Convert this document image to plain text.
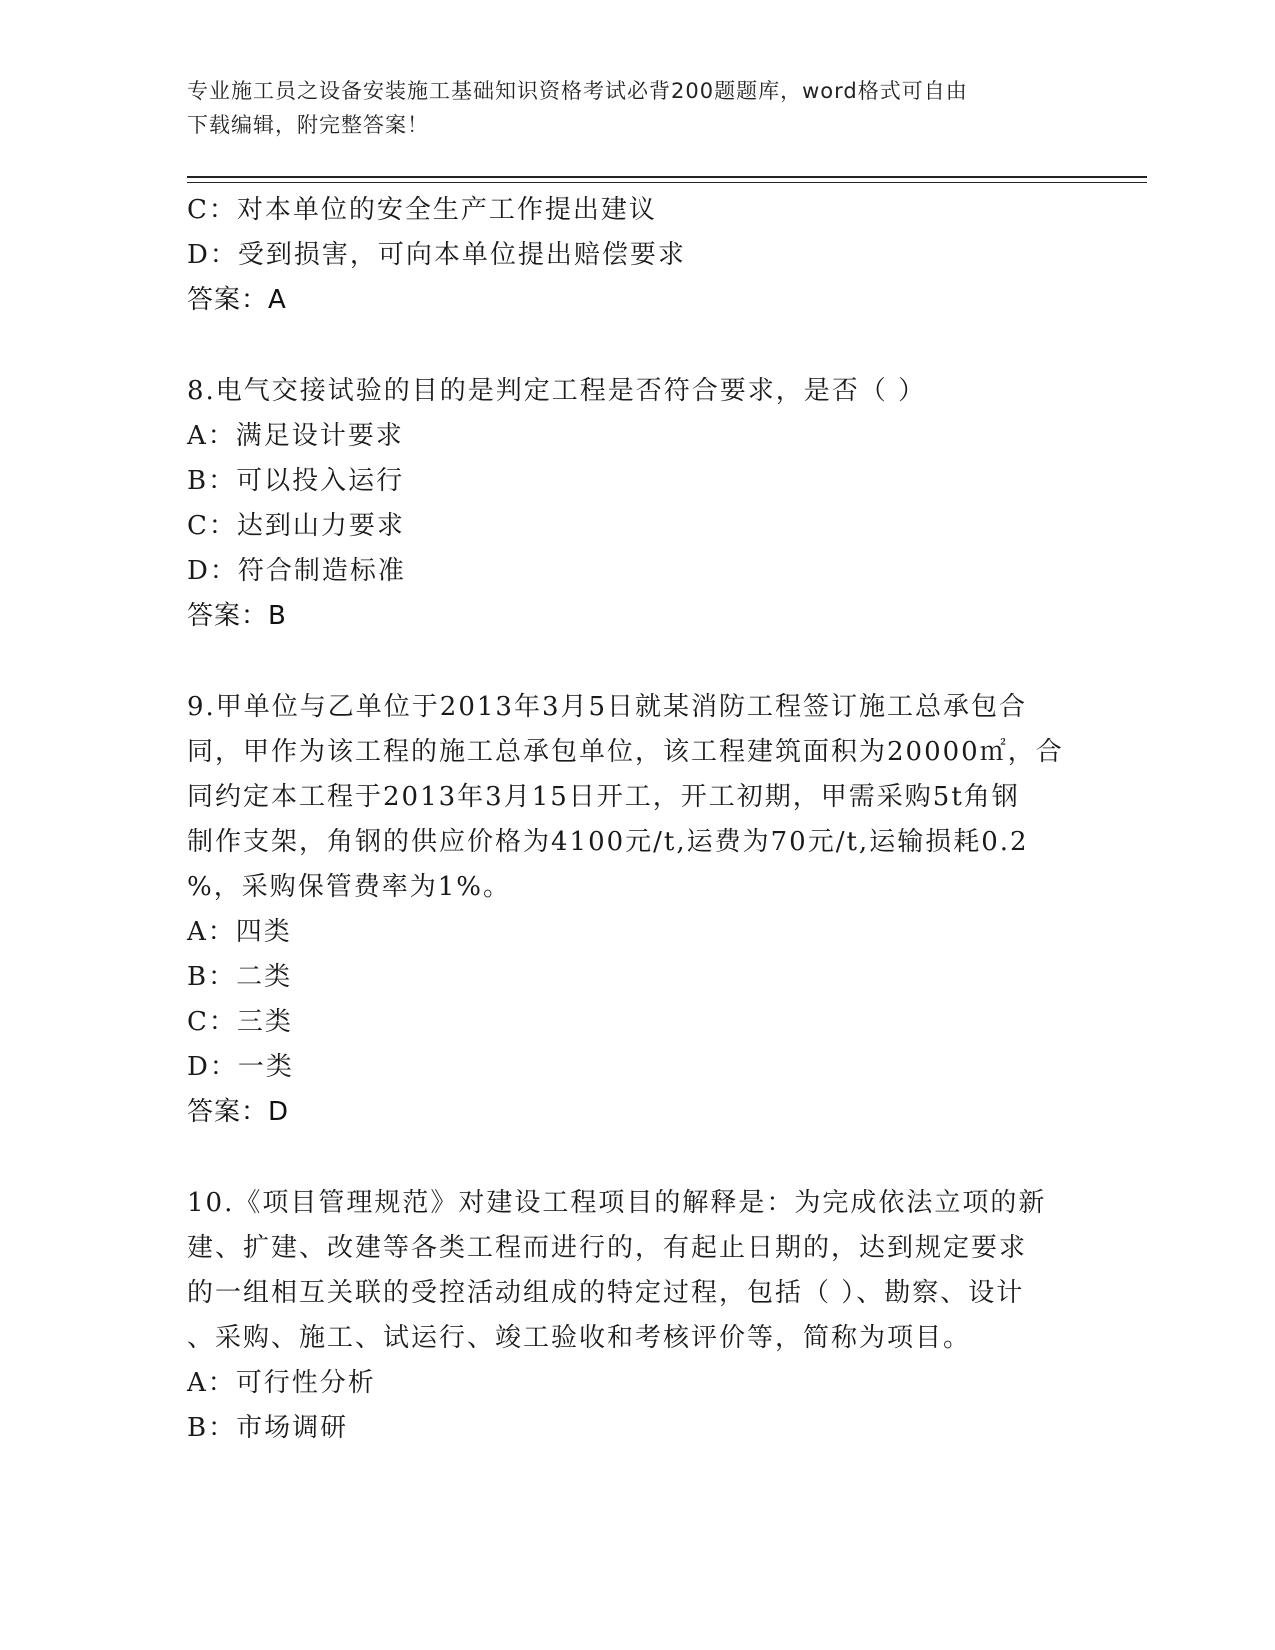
专业施工员之设备安装施工基础知识资格考试必背200题题库，word格式可自由
下载编辑，附完整答案！
C：对本单位的安全生产工作提出建议
D：受到损害，可向本单位提出赔偿要求
答案：A
8.电气交接试验的目的是判定工程是否符合要求，是否（ ）
A：满足设计要求
B：可以投入运行
C：达到山力要求
D：符合制造标准
答案：B
9.甲单位与乙单位于2013年3月5日就某消防工程签订施工总承包合
同，甲作为该工程的施工总承包单位，该工程建筑面积为20000㎡，合
同约定本工程于2013年3月15日开工，开工初期，甲需采购5t角钢
制作支架，角钢的供应价格为4100元/t,运费为70元/t,运输损耗0.2
%，采购保管费率为1%。
A：四类
B：二类
C：三类
D：一类
答案：D
10.《项目管理规范》对建设工程项目的解释是：为完成依法立项的新
建、扩建、改建等各类工程而进行的，有起止日期的，达到规定要求
的一组相互关联的受控活动组成的特定过程，包括（ ）、勘察、设计
、采购、施工、试运行、竣工验收和考核评价等，简称为项目。
A：可行性分析
B：市场调研
